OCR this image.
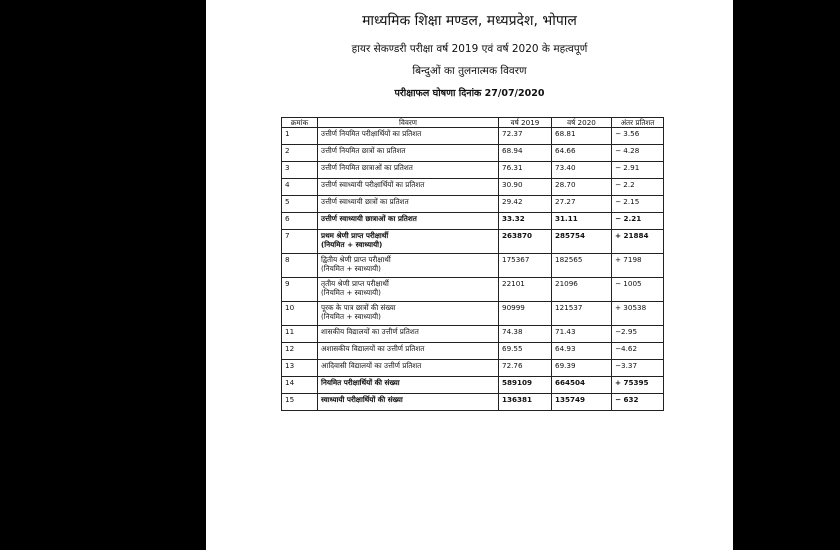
माध्यमिक शिक्षा मण्डल, मध्यप्रदेश, भोपाल
हायर सेकण्डरी परीक्षा वर्ष 2019 एवं वर्ष 2020 के महत्वपूर्ण
बिन्दुओं का तुलनात्मक विवरण
परीक्षाफल घोषणा दिनांक 27/07/2020
क्रमांक	विवरण	वर्ष 2019	वर्ष 2020	अंतर प्रतिशत
1	उत्तीर्ण नियमित परीक्षार्थियों का प्रतिशत	72.37	68.81	− 3.56
2	उत्तीर्ण नियमित छात्रों का प्रतिशत	68.94	64.66	− 4.28
3	उत्तीर्ण नियमित छात्राओं का प्रतिशत	76.31	73.40	− 2.91
4	उत्तीर्ण स्वाध्यायी परीक्षार्थियों का प्रतिशत	30.90	28.70	− 2.2
5	उत्तीर्ण स्वाध्यायी छात्रों का प्रतिशत	29.42	27.27	− 2.15
6	उत्तीर्ण स्वाध्यायी छात्राओं का प्रतिशत	33.32	31.11	− 2.21
7	प्रथम श्रेणी प्राप्त परीक्षार्थी
(नियमित + स्वाध्यायी)	263870	285754	+ 21884
8	द्वितीय श्रेणी प्राप्त परीक्षार्थी
(नियमित + स्वाध्यायी)	175367	182565	+ 7198
9	तृतीय श्रेणी प्राप्त परीक्षार्थी
(नियमित + स्वाध्यायी)	22101	21096	− 1005
10	पूरक के पात्र छात्रों की संख्या
(नियमित + स्वाध्यायी)	90999	121537	+ 30538
11	शासकीय विद्यालयों का उत्तीर्ण प्रतिशत	74.38	71.43	−2.95
12	अशासकीय विद्यालयों का उत्तीर्ण प्रतिशत	69.55	64.93	−4.62
13	आदिवासी विद्यालयों का उत्तीर्ण प्रतिशत	72.76	69.39	−3.37
14	नियमित परीक्षार्थियों की संख्या	589109	664504	+ 75395
15	स्वाध्यायी परीक्षार्थियों की संख्या	136381	135749	− 632
